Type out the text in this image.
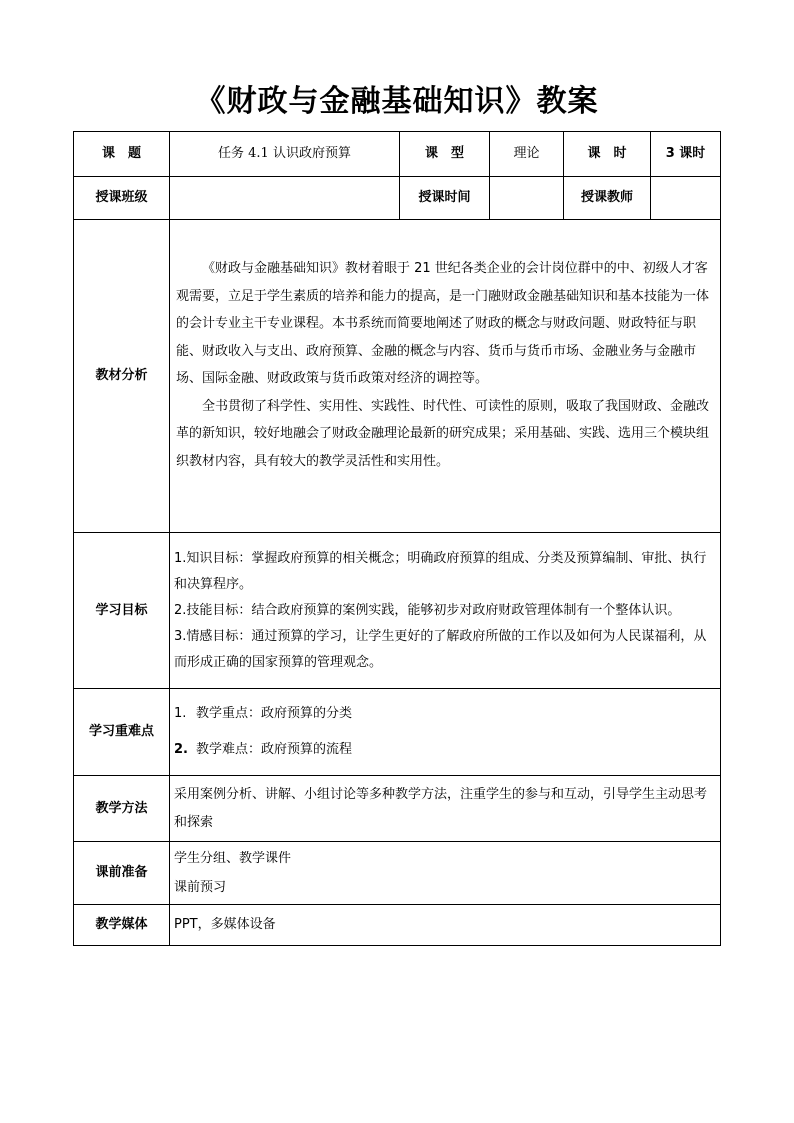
《财政与金融基础知识》教案
课　题	任务 4.1 认识政府预算	课　型	理论	课　时	3 课时
授课班级		授课时间		授课教师	
教材分析	《财政与金融基础知识》教材着眼于 21 世纪各类企业的会计岗位群中的中、初级人才客观需要，立足于学生素质的培养和能力的提高，是一门融财政金融基础知识和基本技能为一体的会计专业主干专业课程。本书系统而简要地阐述了财政的概念与财政问题、财政特征与职能、财政收入与支出、政府预算、金融的概念与内容、货币与货币市场、金融业务与金融市场、国际金融、财政政策与货币政策对经济的调控等。

全书贯彻了科学性、实用性、实践性、时代性、可读性的原则，吸取了我国财政、金融改革的新知识，较好地融会了财政金融理论最新的研究成果；采用基础、实践、选用三个模块组织教材内容，具有较大的教学灵活性和实用性。				

学习目标	1.知识目标：掌握政府预算的相关概念；明确政府预算的组成、分类及预算编制、审批、执行和决算程序。

2.技能目标：结合政府预算的案例实践，能够初步对政府财政管理体制有一个整体认识。

3.情感目标：通过预算的学习，让学生更好的了解政府所做的工作以及如何为人民谋福利，从而形成正确的国家预算的管理观念。				

学习重难点	1. 教学重点：政府预算的分类

2. 教学难点：政府预算的流程				

教学方法	采用案例分析、讲解、小组讨论等多种教学方法，注重学生的参与和互动，引导学生主动思考和探索				

课前准备	学生分组、教学课件

课前预习				

教学媒体	PPT，多媒体设备				
